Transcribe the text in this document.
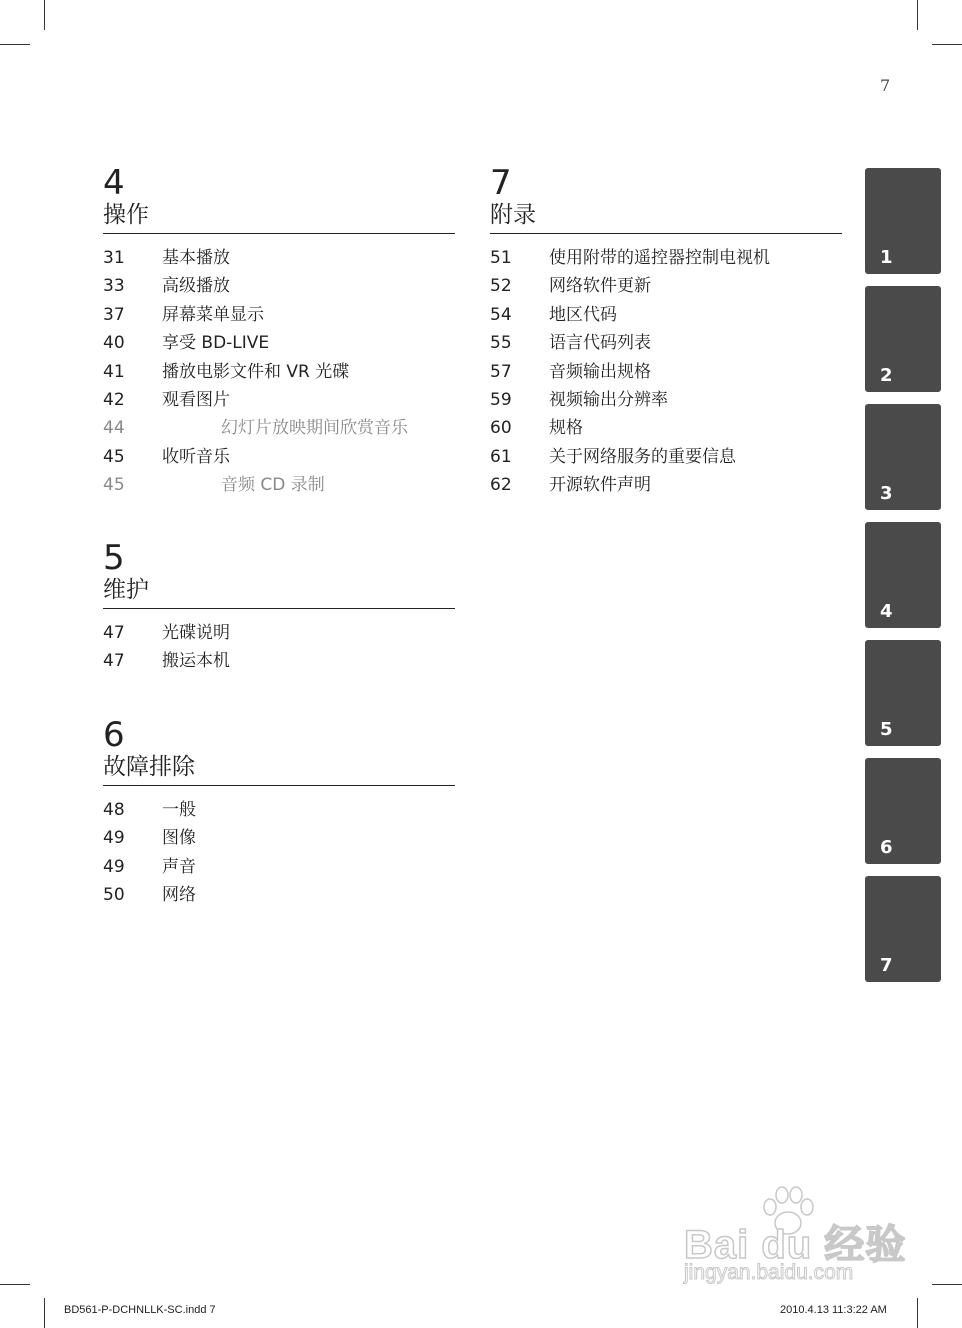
7
4
操作
31	基本播放
33	高级播放
37	屏幕菜单显示
40	享受 BD-LIVE
41	播放电影文件和 VR 光碟
42	观看图片
44	幻灯片放映期间欣赏音乐
45	收听音乐
45	音频 CD 录制
5
维护
47	光碟说明
47	搬运本机
6
故障排除
48	一般
49	图像
49	声音
50	网络
7
附录
51	使用附带的遥控器控制电视机
52	网络软件更新
54	地区代码
55	语言代码列表
57	音频输出规格
59	视频输出分辨率
60	规格
61	关于网络服务的重要信息
62	开源软件声明
1
2
3
4
5
6
7
Bai du 经验
jingyan.baidu.com
BD561-P-DCHNLLK-SC.indd 7	2010.4.13 11:3:22 AM
